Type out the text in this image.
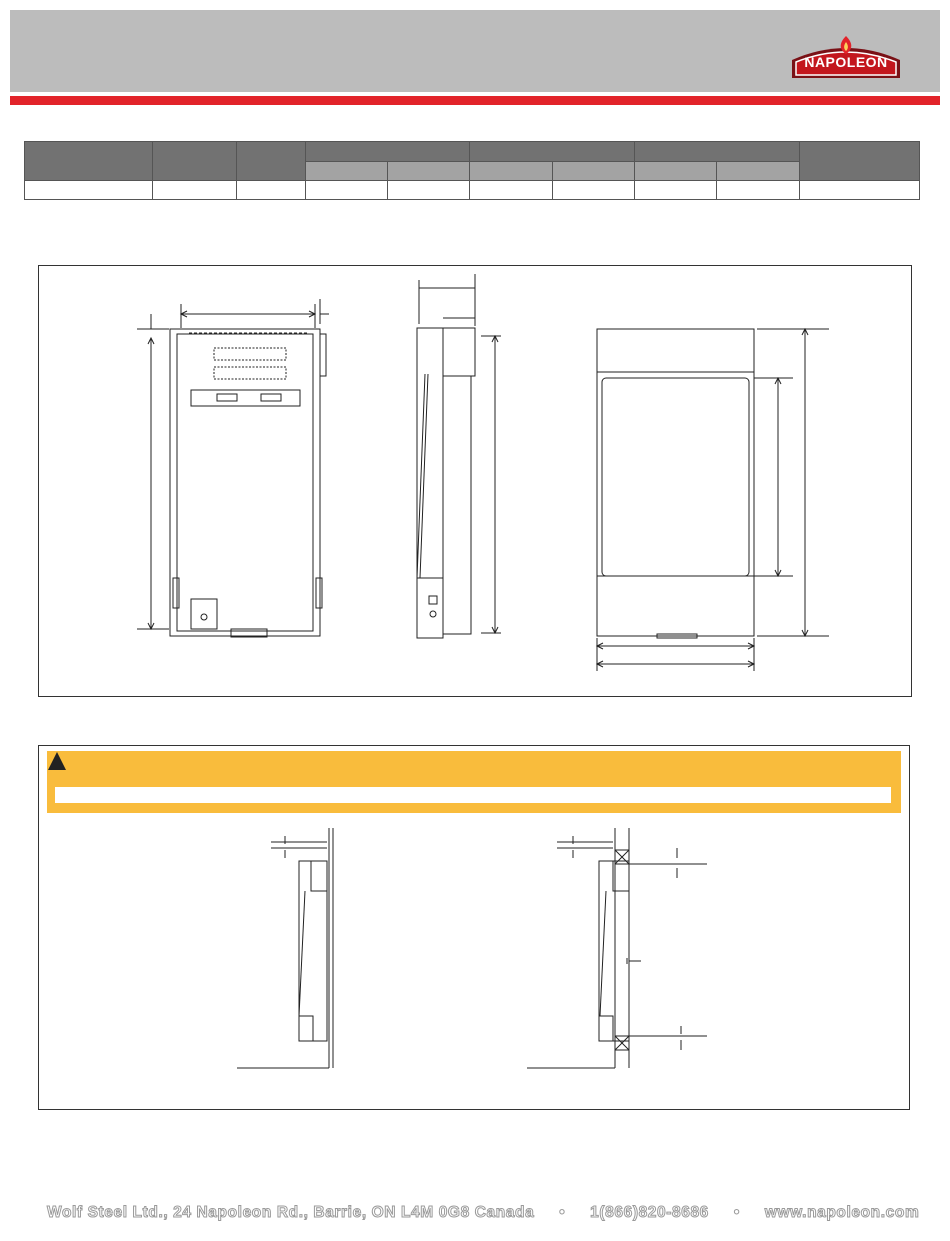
NAPOLEON

Wolf Steel Ltd., 24 Napoleon Rd., Barrie, ON L4M 0G8 Canada • 1(866)820-8686 • www.napoleon.com
